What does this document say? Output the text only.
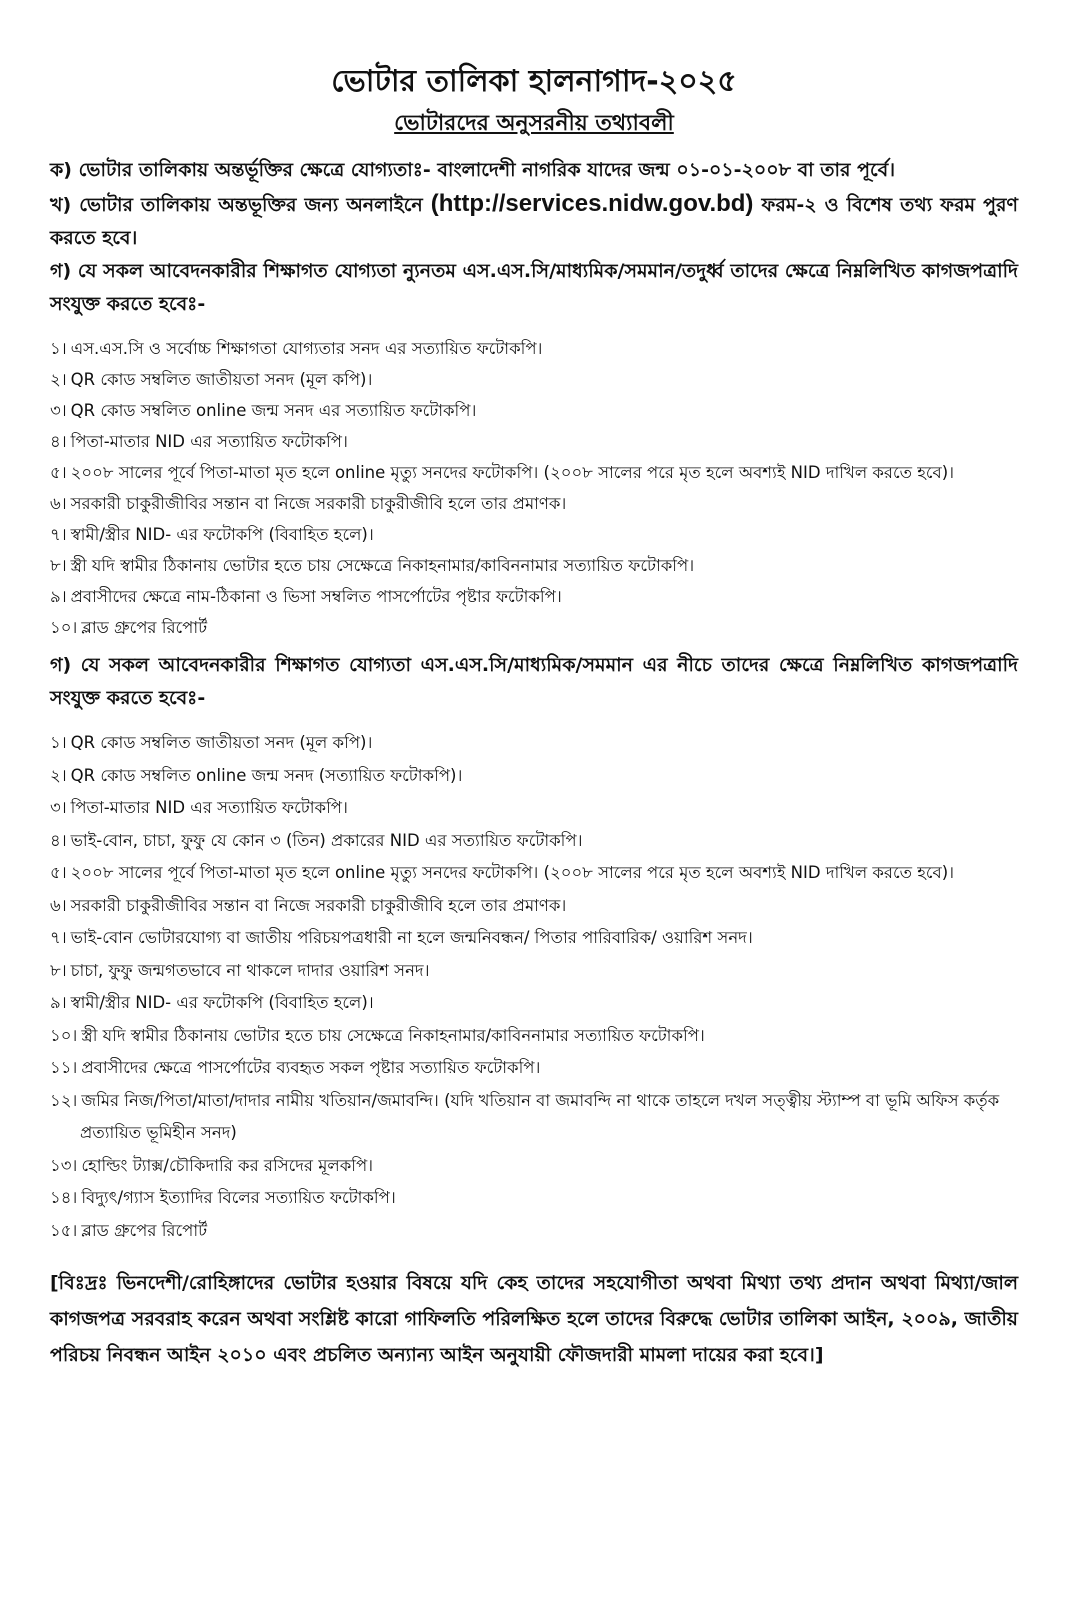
ভোটার তালিকা হালনাগাদ-২০২৫
ভোটারদের অনুসরনীয় তথ্যাবলী

ক) ভোটার তালিকায় অন্তর্ভূক্তির ক্ষেত্রে যোগ্যতাঃ- বাংলাদেশী নাগরিক যাদের জন্ম ০১-০১-২০০৮ বা তার পূর্বে।

খ) ভোটার তালিকায় অন্তভূক্তির জন্য অনলাইনে (http://services.nidw.gov.bd) ফরম-২ ও বিশেষ তথ্য ফরম পুরণ করতে হবে।

গ) যে সকল আবেদনকারীর শিক্ষাগত যোগ্যতা ন্যুনতম এস.এস.সি/মাধ্যমিক/সমমান/তদুর্ধ্ব তাদের ক্ষেত্রে নিম্নলিখিত কাগজপত্রাদি সংযুক্ত করতে হবেঃ-

১। এস.এস.সি ও সর্বোচ্চ শিক্ষাগতা যোগ্যতার সনদ এর সত্যায়িত ফটোকপি।
২। QR কোড সম্বলিত জাতীয়তা সনদ (মূল কপি)।
৩। QR কোড সম্বলিত online জন্ম সনদ এর সত্যায়িত ফটোকপি।
৪। পিতা-মাতার NID এর সত্যায়িত ফটোকপি।
৫। ২০০৮ সালের পূর্বে পিতা-মাতা মৃত হলে online মৃত্যু সনদের ফটোকপি। (২০০৮ সালের পরে মৃত হলে অবশ্যই NID দাখিল করতে হবে)।
৬। সরকারী চাকুরীজীবির সন্তান বা নিজে সরকারী চাকুরীজীবি হলে তার প্রমাণক।
৭। স্বামী/স্ত্রীর NID- এর ফটোকপি (বিবাহিত হলে)।
৮। স্ত্রী যদি স্বামীর ঠিকানায় ভোটার হতে চায় সেক্ষেত্রে নিকাহনামার/কাবিননামার সত্যায়িত ফটোকপি।
৯। প্রবাসীদের ক্ষেত্রে নাম-ঠিকানা ও ভিসা সম্বলিত পাসর্পোটের পৃষ্টার ফটোকপি।
১০। ব্লাড গ্রুপের রিপোর্ট

গ) যে সকল আবেদনকারীর শিক্ষাগত যোগ্যতা এস.এস.সি/মাধ্যমিক/সমমান এর নীচে তাদের ক্ষেত্রে নিম্নলিখিত কাগজপত্রাদি সংযুক্ত করতে হবেঃ-

১। QR কোড সম্বলিত জাতীয়তা সনদ (মূল কপি)।
২। QR কোড সম্বলিত online জন্ম সনদ (সত্যায়িত ফটোকপি)।
৩। পিতা-মাতার NID এর সত্যায়িত ফটোকপি।
৪। ভাই-বোন, চাচা, ফুফু যে কোন ৩ (তিন) প্রকারের NID এর সত্যায়িত ফটোকপি।
৫। ২০০৮ সালের পূর্বে পিতা-মাতা মৃত হলে online মৃত্যু সনদের ফটোকপি। (২০০৮ সালের পরে মৃত হলে অবশ্যই NID দাখিল করতে হবে)।
৬। সরকারী চাকুরীজীবির সন্তান বা নিজে সরকারী চাকুরীজীবি হলে তার প্রমাণক।
৭। ভাই-বোন ভোটারযোগ্য বা জাতীয় পরিচয়পত্রধারী না হলে জন্মনিবন্ধন/ পিতার পারিবারিক/ ওয়ারিশ সনদ।
৮। চাচা, ফুফু জন্মগতভাবে না থাকলে দাদার ওয়ারিশ সনদ।
৯। স্বামী/স্ত্রীর NID- এর ফটোকপি (বিবাহিত হলে)।
১০। স্ত্রী যদি স্বামীর ঠিকানায় ভোটার হতে চায় সেক্ষেত্রে নিকাহনামার/কাবিননামার সত্যায়িত ফটোকপি।
১১। প্রবাসীদের ক্ষেত্রে পাসর্পোটের ব্যবহৃত সকল পৃষ্টার সত্যায়িত ফটোকপি।
১২। জমির নিজ/পিতা/মাতা/দাদার নামীয় খতিয়ান/জমাবন্দি। (যদি খতিয়ান বা জমাবন্দি না থাকে তাহলে দখল সত্ত্বীয় স্ট্যাম্প বা ভূমি অফিস কর্তৃক প্রত্যায়িত ভূমিহীন সনদ)
১৩। হোল্ডিং ট্যাক্স/চৌকিদারি কর রসিদের মূলকপি।
১৪। বিদ্যুৎ/গ্যাস ইত্যাদির বিলের সত্যায়িত ফটোকপি।
১৫। ব্লাড গ্রুপের রিপোর্ট
[বিঃদ্রঃ ভিনদেশী/রোহিঙ্গাদের ভোটার হওয়ার বিষয়ে যদি কেহ তাদের সহযোগীতা অথবা মিথ্যা তথ্য প্রদান অথবা মিথ্যা/জাল কাগজপত্র সরবরাহ করেন অথবা সংশ্লিষ্ট কারো গাফিলতি পরিলক্ষিত হলে তাদের বিরুদ্ধে ভোটার তালিকা আইন, ২০০৯, জাতীয় পরিচয় নিবন্ধন আইন ২০১০ এবং প্রচলিত অন্যান্য আইন অনুযায়ী ফৌজদারী মামলা দায়ের করা হবে।]
